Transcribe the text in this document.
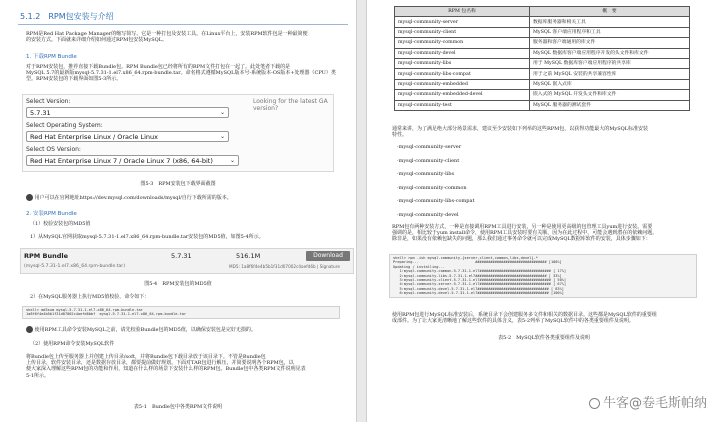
5.1.2　RPM包安装与介绍
RPM是Red Hat Package Manager的缩写简写，它是一种打包及安装工具。在Linux平台上，安装RPM软件包是一种最简便
的安装方式。下面就来详细介绍如何通过RPM包安装MySQL。
1. 下载RPM Bundle
对于RPM安装包，推荐直接下载Bundle包。RPM Bundle包已经将所有的RPM文件打包在一起了。此处笔者下载的是
MySQL 5.7的最新版mysql-5.7.31-1.el7.x86_64.rpm-bundle.tar。命名格式遵循MySQL版本号-系统版本-OS版本+处理器（CPU）类
型。RPM安装包的下载界面如图5-3所示。
Select Version:
5.7.31	⌄
Looking for the latest GA version?
Select Operating System:
Red Hat Enterprise Linux / Oracle Linux	⌄
Select OS Version:
Red Hat Enterprise Linux 7 / Oracle Linux 7 (x86, 64-bit)	⌄
图5-3　RPM安装包下载界面截图
用户可以在官网地址https://dev.mysql.com/downloads/mysql/自行下载所需的版本。
2. 安装RPM Bundle
（1）校验安装包的MD5值
1）从MySQL官网获取mysql-5.7.31-1.el7.x86_64.rpm-bundle.tar安装包的MD5值，如图5-4所示。
RPM Bundle	5.7.31	516.1M	Download
(mysql-5.7.31-1.el7.x86_64.rpm-bundle.tar)	MD5: 1a8f6f4e4b5b1f31d07002c4aefd6b | Signature
图5-4　RPM安装包的MD5值
2）在MySQL服务器上执行MD5值校验，命令如下：
shell> md5sum mysql-5.7.31-1.el7.x86_64.rpm-bundle.tar
1a8f6f4e4b5b1f31d07002c4aefd6bbf  mysql-5.7.31-1.el7.x86_64.rpm-bundle.tar
使用RPM工具命令安装MySQL之前，请先校验Bundle包的MD5值，以确保安装包是完好无损的。
（2）使用RPM命令安装MySQL软件
将Bundle包上传至服务器上并创建上传目录/soft，并将Bundle包下载目录放于该目录下。不管是Bundle包
上传目录，软件安装目录，还是数据存放目录，都要提前做好规划。下面对TAR包进行解压，并简要说明各个RPM包，以
便大家深入理解这些RPM包的功能和作用，知道在什么样的场景下安装什么样的RPM包。Bundle包中各类RPM文件说明见表
5-1所示。
表5-1　Bundle包中各类RPM文件说明
RPM 包名称	概　要
mysql-community-server	数据库服务器和相关工具
mysql-community-client	MySQL 客户端应用程序和工具
mysql-community-common	服务器和客户端通用的库文件
mysql-community-devel	MySQL 数据库客户端应用程序开发的头文件和库文件
mysql-community-libs	用于 MySQL 数据库客户端应用程序的共享库
mysql-community-libs-compat	用于之前 MySQL 安装的共享兼容性库
mysql-community-embedded	MySQL 嵌入式库
mysql-community-embedded-devel	嵌入式的 MySQL 开发头文件和库文件
mysql-community-test	MySQL 服务器的测试套件
通常来讲，为了满足绝大部分场景需求，建议至少安装如下列举的这些RPM包，以获得功能最大的MySQL标准安装
特性。
·mysql-community-server
·mysql-community-client
·mysql-community-libs
·mysql-community-common
·mysql-community-libs-compat
·mysql-community-devel
RPM包有两种安装方式，一种是直接调用RPM工具进行安装，另一种是使用更高级的包管理工具yum进行安装。需要
强调的是，相比较于yum install命令，使用RPM工具安装时要有关顺，因为在此过程中，可能会遇到潜在的依赖问题。
除非是，如果没有依赖包缺失的问题，那么我们通过事务命令就可以完成MySQL数据库软件的安装，具体步骤如下：
shell> rpm -ivh mysql-community-{server,client,common,libs,devel}-*
Preparing...                          ################################# [100%]
Updating / installing...
1:mysql-community-common-5.7.31-1.el7################################# [ 17%]
2:mysql-community-libs-5.7.31-1.el7################################# [ 33%]
3:mysql-community-client-5.7.31-1.el7################################# [ 50%]
4:mysql-community-server-5.7.31-1.el7################################# [ 67%]
5:mysql-community-devel-5.7.31-1.el7################################# [ 83%]
6:mysql-community-devel-5.7.31-1.el7################################# [100%]
使用RPM包进行MySQL标准安装后，系统目录下会创建服务多文件和相关的数据目录。这些都是MySQL软件的重要组
成部件。为了让大家更清晰地了解这些软件的具体含义，表5-2列举了MySQL软件中的各类重要组件及说明。
表5-2　MySQL软件各类重要组件及说明
牛客@卷毛斯帕纳
